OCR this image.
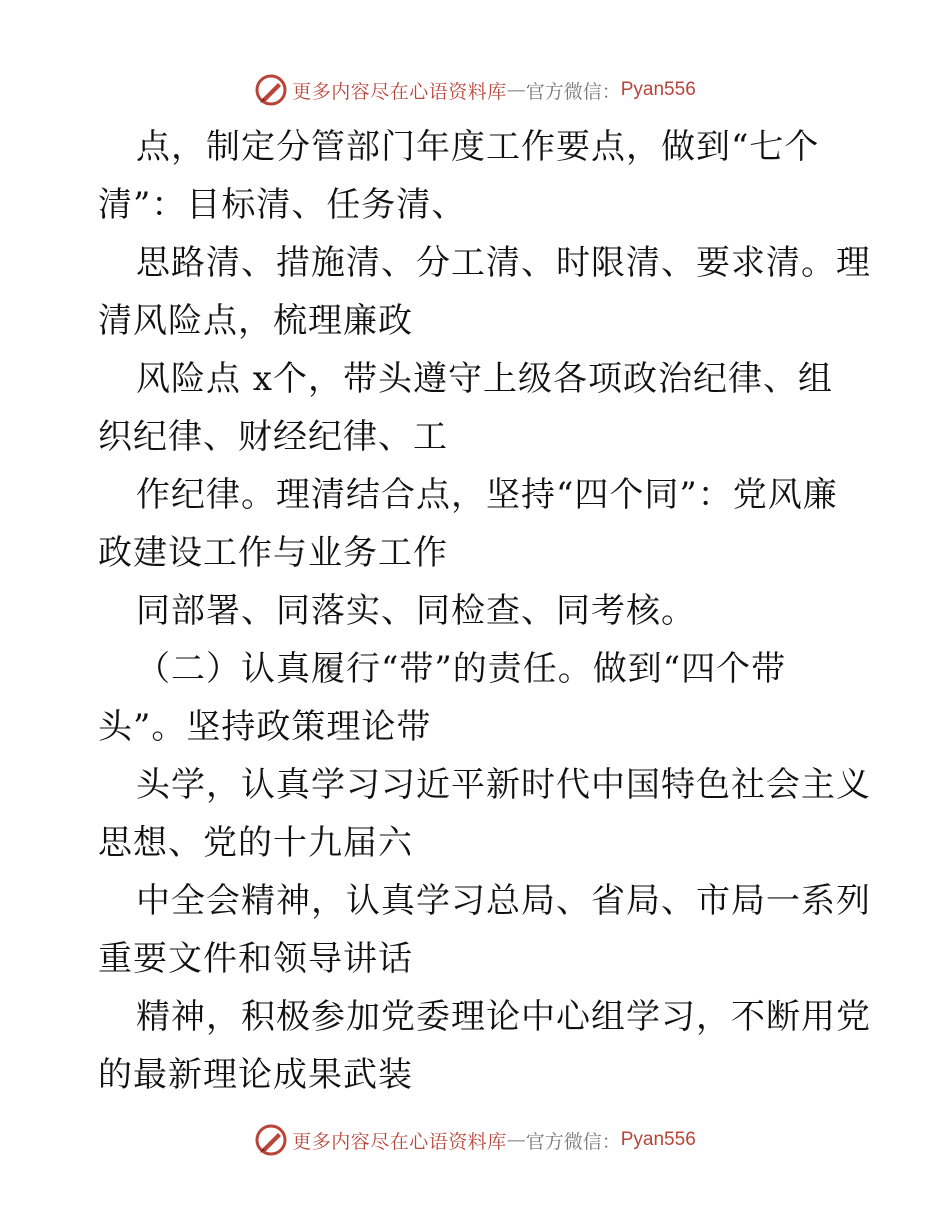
更多内容尽在心语资料库 — 官方微信： Pyan556
点，制定分管部门年度工作要点，做到“七个
清”：目标清、任务清、
思路清、措施清、分工清、时限清、要求清。理
清风险点，梳理廉政
风险点 x个，带头遵守上级各项政治纪律、组
织纪律、财经纪律、工
作纪律。理清结合点，坚持“四个同”：党风廉
政建设工作与业务工作
同部署、同落实、同检查、同考核。
（二）认真履行“带”的责任。做到“四个带
头”。坚持政策理论带
头学，认真学习习近平新时代中国特色社会主义
思想、党的十九届六
中全会精神，认真学习总局、省局、市局一系列
重要文件和领导讲话
精神，积极参加党委理论中心组学习，不断用党
的最新理论成果武装
更多内容尽在心语资料库 — 官方微信： Pyan556
